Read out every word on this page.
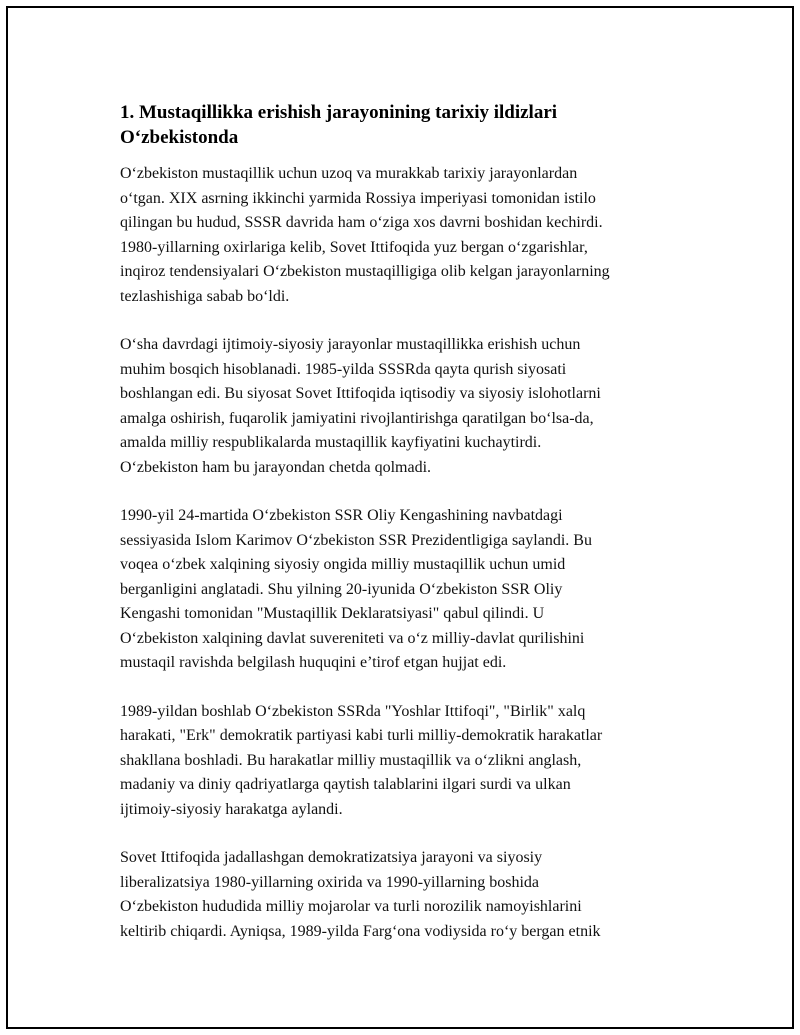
1. Mustaqillikka erishish jarayonining tarixiy ildizlari
O‘zbekistonda

O‘zbekiston mustaqillik uchun uzoq va murakkab tarixiy jarayonlardan
o‘tgan. XIX asrning ikkinchi yarmida Rossiya imperiyasi tomonidan istilo
qilingan bu hudud, SSSR davrida ham o‘ziga xos davrni boshidan kechirdi.
1980-yillarning oxirlariga kelib, Sovet Ittifoqida yuz bergan o‘zgarishlar,
inqiroz tendensiyalari O‘zbekiston mustaqilligiga olib kelgan jarayonlarning
tezlashishiga sabab bo‘ldi.

O‘sha davrdagi ijtimoiy-siyosiy jarayonlar mustaqillikka erishish uchun
muhim bosqich hisoblanadi. 1985-yilda SSSRda qayta qurish siyosati
boshlangan edi. Bu siyosat Sovet Ittifoqida iqtisodiy va siyosiy islohotlarni
amalga oshirish, fuqarolik jamiyatini rivojlantirishga qaratilgan bo‘lsa-da,
amalda milliy respublikalarda mustaqillik kayfiyatini kuchaytirdi.
O‘zbekiston ham bu jarayondan chetda qolmadi.

1990-yil 24-martida O‘zbekiston SSR Oliy Kengashining navbatdagi
sessiyasida Islom Karimov O‘zbekiston SSR Prezidentligiga saylandi. Bu
voqea o‘zbek xalqining siyosiy ongida milliy mustaqillik uchun umid
berganligini anglatadi. Shu yilning 20-iyunida O‘zbekiston SSR Oliy
Kengashi tomonidan "Mustaqillik Deklaratsiyasi" qabul qilindi. U
O‘zbekiston xalqining davlat suvereniteti va o‘z milliy-davlat qurilishini
mustaqil ravishda belgilash huquqini e’tirof etgan hujjat edi.

1989-yildan boshlab O‘zbekiston SSRda "Yoshlar Ittifoqi", "Birlik" xalq
harakati, "Erk" demokratik partiyasi kabi turli milliy-demokratik harakatlar
shakllana boshladi. Bu harakatlar milliy mustaqillik va o‘zlikni anglash,
madaniy va diniy qadriyatlarga qaytish talablarini ilgari surdi va ulkan
ijtimoiy-siyosiy harakatga aylandi.

Sovet Ittifoqida jadallashgan demokratizatsiya jarayoni va siyosiy
liberalizatsiya 1980-yillarning oxirida va 1990-yillarning boshida
O‘zbekiston hududida milliy mojarolar va turli norozilik namoyishlarini
keltirib chiqardi. Ayniqsa, 1989-yilda Farg‘ona vodiysida ro‘y bergan etnik
